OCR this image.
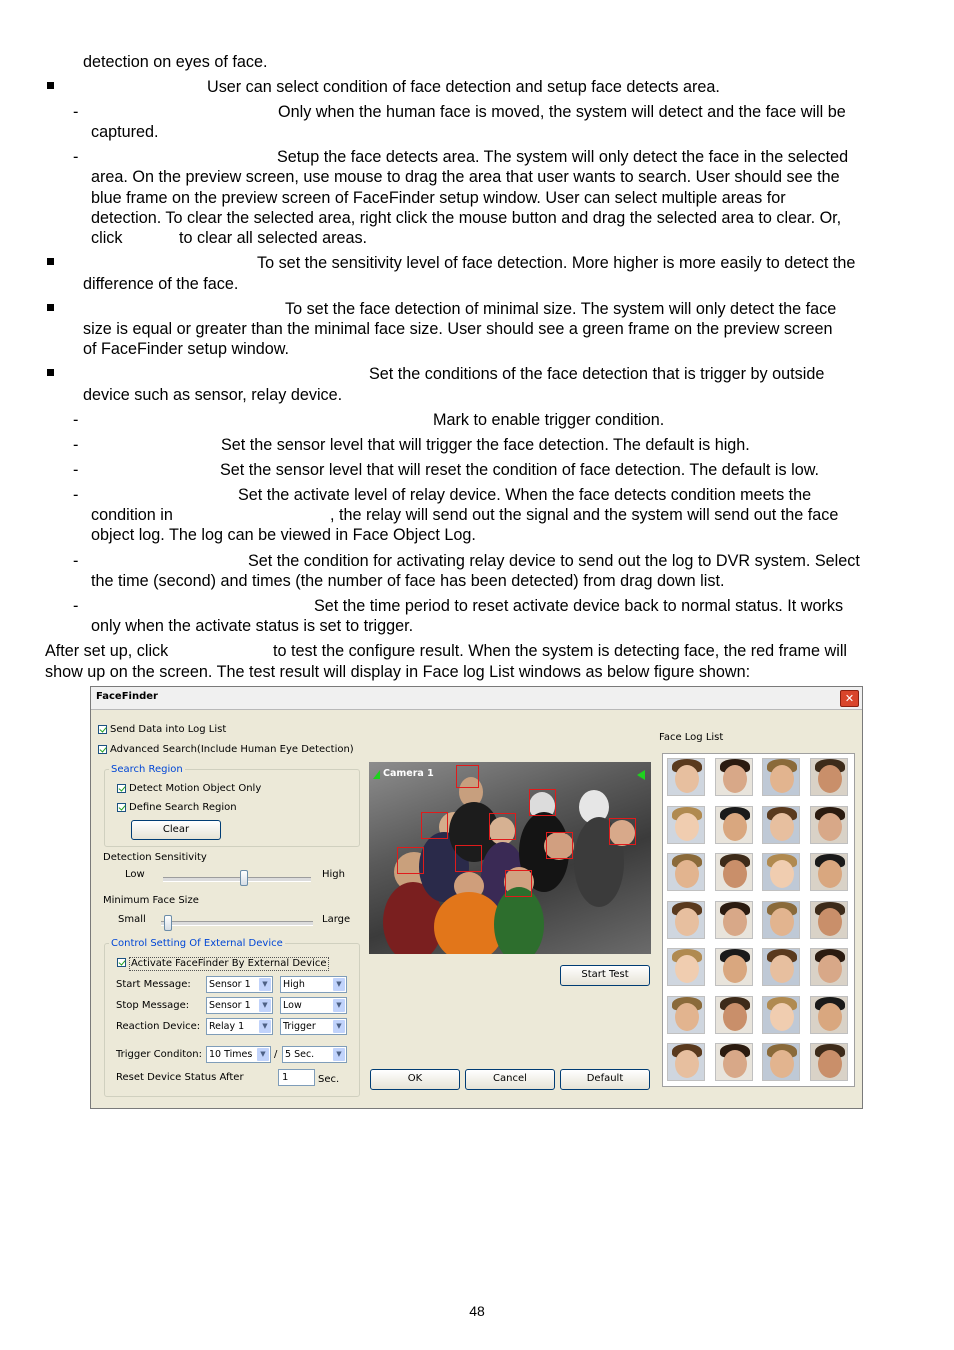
detection on eyes of face.
User can select condition of face detection and setup face detects area.
-	Only when the human face is moved, the system will detect and the face will be
captured.
-	Setup the face detects area. The system will only detect the face in the selected
area. On the preview screen, use mouse to drag the area that user wants to search. User should see the
blue frame on the preview screen of FaceFinder setup window. User can select multiple areas for
detection. To clear the selected area, right click the mouse button and drag the selected area to clear. Or,
click	to clear all selected areas.
To set the sensitivity level of face detection. More higher is more easily to detect the
difference of the face.
To set the face detection of minimal size. The system will only detect the face
size is equal or greater than the minimal face size. User should see a green frame on the preview screen
of FaceFinder setup window.
Set the conditions of the face detection that is trigger by outside
device such as sensor, relay device.
-	Mark to enable trigger condition.
-	Set the sensor level that will trigger the face detection. The default is high.
-	Set the sensor level that will reset the condition of face detection. The default is low.
-	Set the activate level of relay device. When the face detects condition meets the
condition in	, the relay will send out the signal and the system will send out the face
object log. The log can be viewed in Face Object Log.
-	Set the condition for activating relay device to send out the log to DVR system. Select
the time (second) and times (the number of face has been detected) from drag down list.
-	Set the time period to reset activate device back to normal status. It works
only when the activate status is set to trigger.
After set up, click	to test the configure result. When the system is detecting face, the red frame will
show up on the screen. The test result will display in Face log List windows as below figure shown:
FaceFinder	✕
Send Data into Log List
Advanced Search(Include Human Eye Detection)
Search Region
Detect Motion Object Only
Define Search Region
Clear
Detection Sensitivity
Low	High
Minimum Face Size
Small	Large
Control Setting Of External Device
Activate FaceFinder By External Device
Start Message: Sensor 1	▼	High	▼
Stop Message: Sensor 1	▼	Low	▼
Reaction Device: Relay 1	▼	Trigger	▼
Trigger Conditon: 10 Times	▼ / 5 Sec.	▼
Reset Device Status After	1	Sec.
Camera 1
Start Test
OK	Cancel	Default
Face Log List
48
